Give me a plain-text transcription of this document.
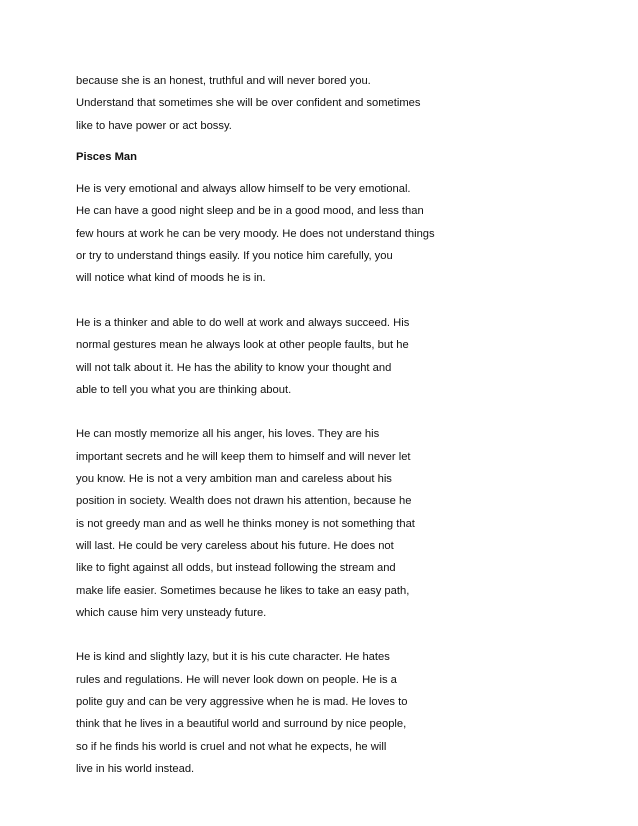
because she is an honest, truthful and will never bored you.
Understand that sometimes she will be over confident and sometimes
like to have power or act bossy.
Pisces Man
He is very emotional and always allow himself to be very emotional.
He can have a good night sleep and be in a good mood, and less than
few hours at work he can be very moody. He does not understand things
or try to understand things easily. If you notice him carefully, you
will notice what kind of moods he is in.
He is a thinker and able to do well at work and always succeed. His
normal gestures mean he always look at other people faults, but he
will not talk about it. He has the ability to know your thought and
able to tell you what you are thinking about.
He can mostly memorize all his anger, his loves. They are his
important secrets and he will keep them to himself and will never let
you know. He is not a very ambition man and careless about his
position in society. Wealth does not drawn his attention, because he
is not greedy man and as well he thinks money is not something that
will last. He could be very careless about his future. He does not
like to fight against all odds, but instead following the stream and
make life easier. Sometimes because he likes to take an easy path,
which cause him very unsteady future.
He is kind and slightly lazy, but it is his cute character. He hates
rules and regulations. He will never look down on people. He is a
polite guy and can be very aggressive when he is mad. He loves to
think that he lives in a beautiful world and surround by nice people,
so if he finds his world is cruel and not what he expects, he will
live in his world instead.
